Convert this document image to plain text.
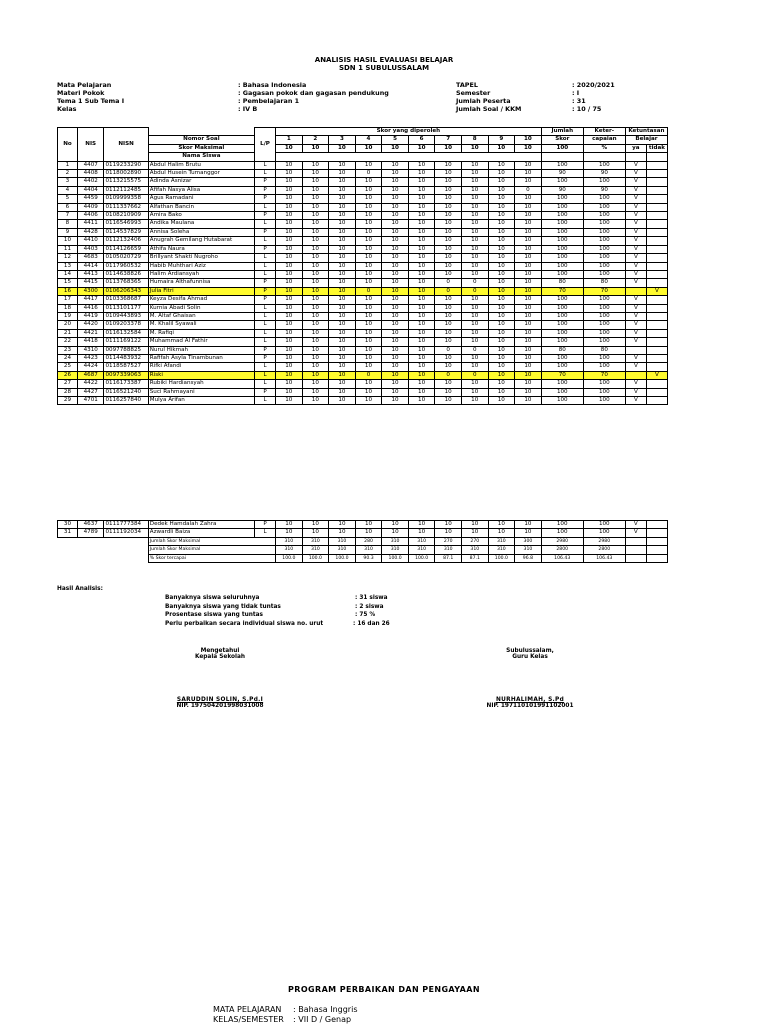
ANALISIS HASIL EVALUASI BELAJAR
SDN 1 SUBULUSSALAM
Mata Pelajaran	: Bahasa Indonesia
Materi Pokok	: Gagasan pokok dan gagasan pendukung
Tema 1 Sub Tema I	: Pembelajaran 1
Kelas	: IV B
TAPEL	: 2020/2021
Semester	: I
Jumlah Peserta	: 31
Jumlah Soal / KKM	: 10 / 75
No	NIS	NISN		L/P	Skor yang diperoleh										Jumlah	Keter-	Ketuntasan	
			Nomor Soal		1	2	3	4	5	6	7	8	9	10	Skor	capaian	Belajar	
			Skor Maksimal		10	10	10	10	10	10	10	10	10	10	100	%	ya	tidak
			Nama Siswa															
1	4407	0119233290	Abdul Halim Brutu	L	10	10	10	10	10	10	10	10	10	10	100	100	V	
2	4408	0118002890	Abdul Husein Tumanggor	L	10	10	10	0	10	10	10	10	10	10	90	90	V	
3	4402	0113215575	Adinda Asnizar	P	10	10	10	10	10	10	10	10	10	10	100	100	V	
4	4404	0112112485	Afifah Nasya Alisa	P	10	10	10	10	10	10	10	10	10	0	90	90	V	
5	4459	0109999358	Agus Ramadani	P	10	10	10	10	10	10	10	10	10	10	100	100	V	
6	4409	0111337662	Alfathan Bancin	L	10	10	10	10	10	10	10	10	10	10	100	100	V	
7	4406	0108210909	Amira Bako	P	10	10	10	10	10	10	10	10	10	10	100	100	V	
8	4411	0116546993	Andika Maulana	L	10	10	10	10	10	10	10	10	10	10	100	100	V	
9	4428	0114537829	Annisa Soleha	P	10	10	10	10	10	10	10	10	10	10	100	100	V	
10	4410	0112132406	Anugrah Gemilang Hutabarat	L	10	10	10	10	10	10	10	10	10	10	100	100	V	
11	4403	0114126659	Athifa Naura	P	10	10	10	10	10	10	10	10	10	10	100	100	V	
12	4683	0105020729	Brillyant Shakti Nugroho	L	10	10	10	10	10	10	10	10	10	10	100	100	V	
13	4414	0117960532	Habib Muhthari Aziz	L	10	10	10	10	10	10	10	10	10	10	100	100	V	
14	4413	0114638826	Halim Ardiansyah	L	10	10	10	10	10	10	10	10	10	10	100	100	V	
15	4415	0113768365	Humaira Althafunnisa	P	10	10	10	10	10	10	0	0	10	10	80	80	V	
16	4300	0106206343	Julia Fitri	P	10	10	10	0	10	10	0	0	10	10	70	70		V
17	4417	0103368687	Keyza Desifa Ahmad	P	10	10	10	10	10	10	10	10	10	10	100	100	V	
18	4416	0113101177	Kurnia Abadi Solin	L	10	10	10	10	10	10	10	10	10	10	100	100	V	
19	4419	0109443893	M. Altaf Ghaisan	L	10	10	10	10	10	10	10	10	10	10	100	100	V	
20	4420	0109203378	M. Khalil Syawali	L	10	10	10	10	10	10	10	10	10	10	100	100	V	
21	4421	0116132584	M. Rafiqi	L	10	10	10	10	10	10	10	10	10	10	100	100	V	
22	4418	0111169122	Muhammad Al Fathir	L	10	10	10	10	10	10	10	10	10	10	100	100	V	
23	4310	0097788825	Nurul Hikmah	P	10	10	10	10	10	10	0	0	10	10	80	80		
24	4423	0114483932	Rafifah Asyla Tinambunan	P	10	10	10	10	10	10	10	10	10	10	100	100	V	
25	4424	0118587527	Rifki Afandi	L	10	10	10	10	10	10	10	10	10	10	100	100	V	
26	4687	0097339063	Riski	L	10	10	10	0	10	10	0	0	10	10	70	70		V
27	4422	0116173387	Rubiki Hardiansyah	L	10	10	10	10	10	10	10	10	10	10	100	100	V	
28	4427	0116521240	Suci Rahmayani	P	10	10	10	10	10	10	10	10	10	10	100	100	V	
29	4701	0116257840	Mulya Arifan	L	10	10	10	10	10	10	10	10	10	10	100	100	V	
30	4637	0111777384	Dedek Hamdalah Zahra	P	10	10	10	10	10	10	10	10	10	10	100	100	V	
31	4789	0111192034	Azwardli Baiza	L	10	10	10	10	10	10	10	10	10	10	100	100	V	
			Jumlah Skor Maksimal		310	310	310	280	310	310	270	270	310	300	2980	2980		
			Jumlah Skor Maksimal		310	310	310	310	310	310	310	310	310	310	2800	2800		
			% Skor tercapai		100.0	100.0	100.0	90.3	100.0	100.0	87.1	87.1	100.0	96.8	106.43	106.43		
Hasil Analisis:
Banyaknya siswa seluruhnya	: 31 siswa
Banyaknya siswa yang tidak tuntas	: 2 siswa
Prosentase siswa yang tuntas	: 75 %
Perlu perbaikan secara individual siswa no. urut	: 16 dan 26
Mengetahui
Kepala Sekolah
SARUDDIN SOLIN, S.Pd.I
NIP. 197504201998031008
Subulussalam,
Guru Kelas
NURHALIMAH, S.Pd
NIP. 197110101991102001
PROGRAM PERBAIKAN DAN PENGAYAAN
MATA PELAJARAN : Bahasa Inggris
KELAS/SEMESTER : VII D / Genap
